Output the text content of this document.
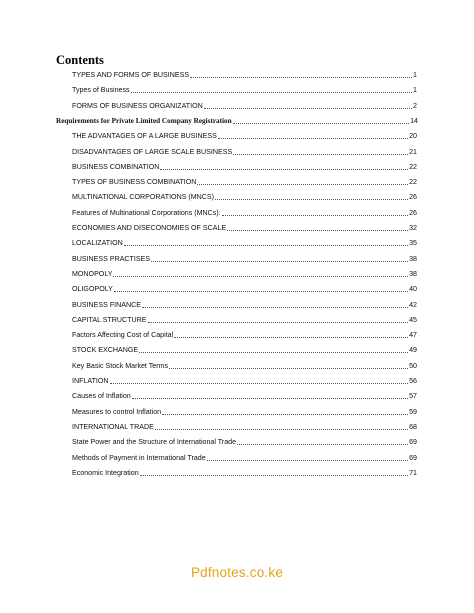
Contents
TYPES AND FORMS OF BUSINESS	1
Types of Business	1
FORMS OF BUSINESS ORGANIZATION	2
Requirements for Private Limited Company Registration	14
THE ADVANTAGES OF A LARGE BUSINESS	20
DISADVANTAGES OF LARGE SCALE BUSINESS	21
BUSINESS COMBINATION	22
TYPES OF BUSINESS COMBINATION	22
MULTINATIONAL CORPORATIONS (MNCS)	26
Features of Multinational Corporations (MNCs):	26
ECONOMIES AND DISECONOMIES OF SCALE	32
LOCALIZATION	35
BUSINESS PRACTISES	38
MONOPOLY	38
OLIGOPOLY	40
BUSINESS FINANCE	42
CAPITAL STRUCTURE	45
Factors Affecting Cost of Capital	47
STOCK EXCHANGE	49
Key Basic Stock Market Terms	50
INFLATION	56
Causes of Inflation	57
Measures to control Inflation	59
INTERNATIONAL TRADE	68
State Power and the Structure of International Trade	69
Methods of Payment in International Trade	69
Economic Integration	71
Pdfnotes.co.ke
